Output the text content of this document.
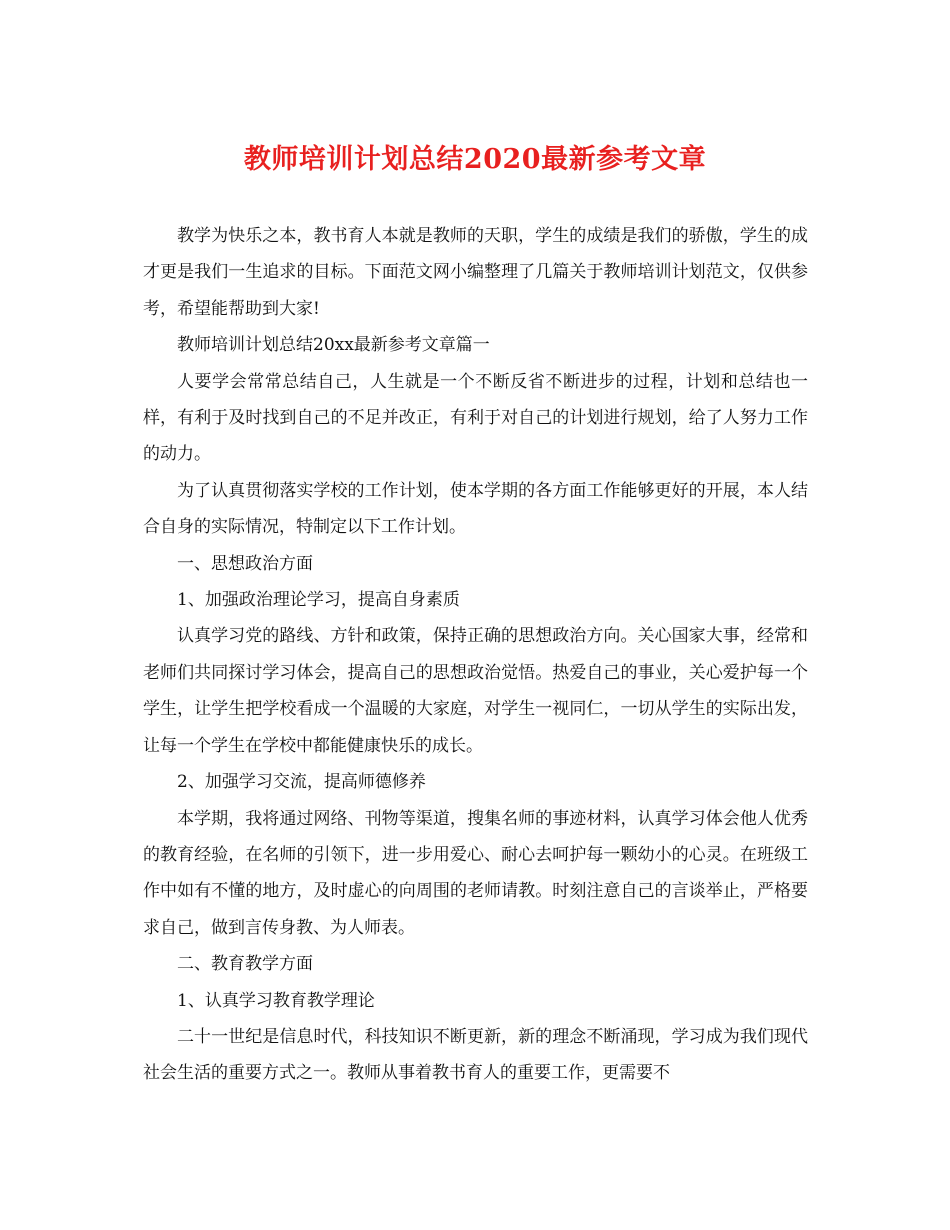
教师培训计划总结2020最新参考文章

教学为快乐之本，教书育人本就是教师的天职，学生的成绩是我们的骄傲，学生的成才更是我们一生追求的目标。下面范文网小编整理了几篇关于教师培训计划范文，仅供参考，希望能帮助到大家!

教师培训计划总结20xx最新参考文章篇一

人要学会常常总结自己，人生就是一个不断反省不断进步的过程，计划和总结也一样，有利于及时找到自己的不足并改正，有利于对自己的计划进行规划，给了人努力工作的动力。

为了认真贯彻落实学校的工作计划，使本学期的各方面工作能够更好的开展，本人结合自身的实际情况，特制定以下工作计划。

一、思想政治方面

1、加强政治理论学习，提高自身素质

认真学习党的路线、方针和政策，保持正确的思想政治方向。关心国家大事，经常和老师们共同探讨学习体会，提高自己的思想政治觉悟。热爱自己的事业，关心爱护每一个学生，让学生把学校看成一个温暖的大家庭，对学生一视同仁，一切从学生的实际出发，让每一个学生在学校中都能健康快乐的成长。

2、加强学习交流，提高师德修养

本学期，我将通过网络、刊物等渠道，搜集名师的事迹材料，认真学习体会他人优秀的教育经验，在名师的引领下，进一步用爱心、耐心去呵护每一颗幼小的心灵。在班级工作中如有不懂的地方，及时虚心的向周围的老师请教。时刻注意自己的言谈举止，严格要求自己，做到言传身教、为人师表。

二、教育教学方面

1、认真学习教育教学理论

二十一世纪是信息时代，科技知识不断更新，新的理念不断涌现，学习成为我们现代社会生活的重要方式之一。教师从事着教书育人的重要工作，更需要不
